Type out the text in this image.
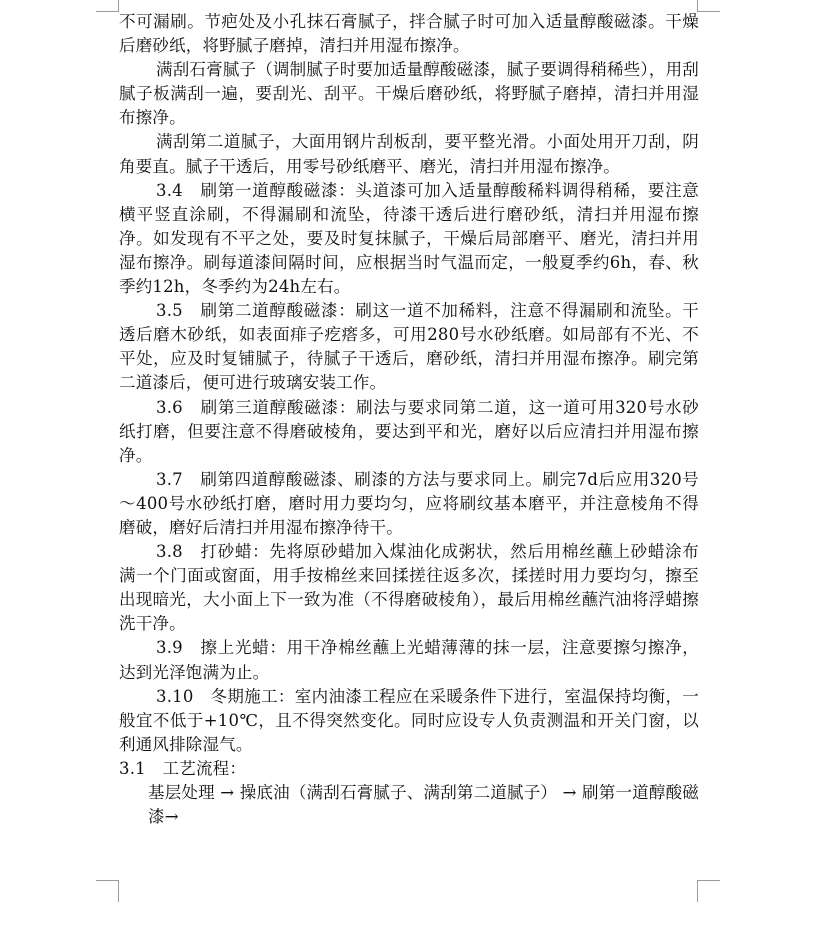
不可漏刷。节疤处及小孔抹石膏腻子，拌合腻子时可加入适量醇酸磁漆。干燥后磨砂纸，将野腻子磨掉，清扫并用湿布擦净。

满刮石膏腻子（调制腻子时要加适量醇酸磁漆，腻子要调得稍稀些），用刮腻子板满刮一遍，要刮光、刮平。干燥后磨砂纸，将野腻子磨掉，清扫并用湿布擦净。

满刮第二道腻子，大面用钢片刮板刮，要平整光滑。小面处用开刀刮，阴角要直。腻子干透后，用零号砂纸磨平、磨光，清扫并用湿布擦净。

3.4　刷第一道醇酸磁漆：头道漆可加入适量醇酸稀料调得稍稀，要注意横平竖直涂刷，不得漏刷和流坠，待漆干透后进行磨砂纸，清扫并用湿布擦净。如发现有不平之处，要及时复抹腻子，干燥后局部磨平、磨光，清扫并用湿布擦净。刷每道漆间隔时间，应根据当时气温而定，一般夏季约6h，春、秋季约12h，冬季约为24h左右。

3.5　刷第二道醇酸磁漆：刷这一道不加稀料，注意不得漏刷和流坠。干透后磨木砂纸，如表面痱子疙瘩多，可用280号水砂纸磨。如局部有不光、不平处，应及时复铺腻子，待腻子干透后，磨砂纸，清扫并用湿布擦净。刷完第二道漆后，便可进行玻璃安装工作。

3.6　刷第三道醇酸磁漆：刷法与要求同第二道，这一道可用320号水砂纸打磨，但要注意不得磨破棱角，要达到平和光，磨好以后应清扫并用湿布擦净。

3.7　刷第四道醇酸磁漆、刷漆的方法与要求同上。刷完7d后应用320号～400号水砂纸打磨，磨时用力要均匀，应将刷纹基本磨平，并注意棱角不得磨破，磨好后清扫并用湿布擦净待干。

3.8　打砂蜡：先将原砂蜡加入煤油化成粥状，然后用棉丝蘸上砂蜡涂布满一个门面或窗面，用手按棉丝来回揉搓往返多次，揉搓时用力要均匀，擦至出现暗光，大小面上下一致为准（不得磨破棱角），最后用棉丝蘸汽油将浮蜡擦洗干净。

3.9　擦上光蜡：用干净棉丝蘸上光蜡薄薄的抹一层，注意要擦匀擦净，达到光泽饱满为止。

3.10　冬期施工：室内油漆工程应在采暖条件下进行，室温保持均衡，一般宜不低于+10℃，且不得突然变化。同时应设专人负责测温和开关门窗，以利通风排除湿气。

3.1　工艺流程：

基层处理 → 操底油（满刮石膏腻子、满刮第二道腻子） → 刷第一道醇酸磁漆→
